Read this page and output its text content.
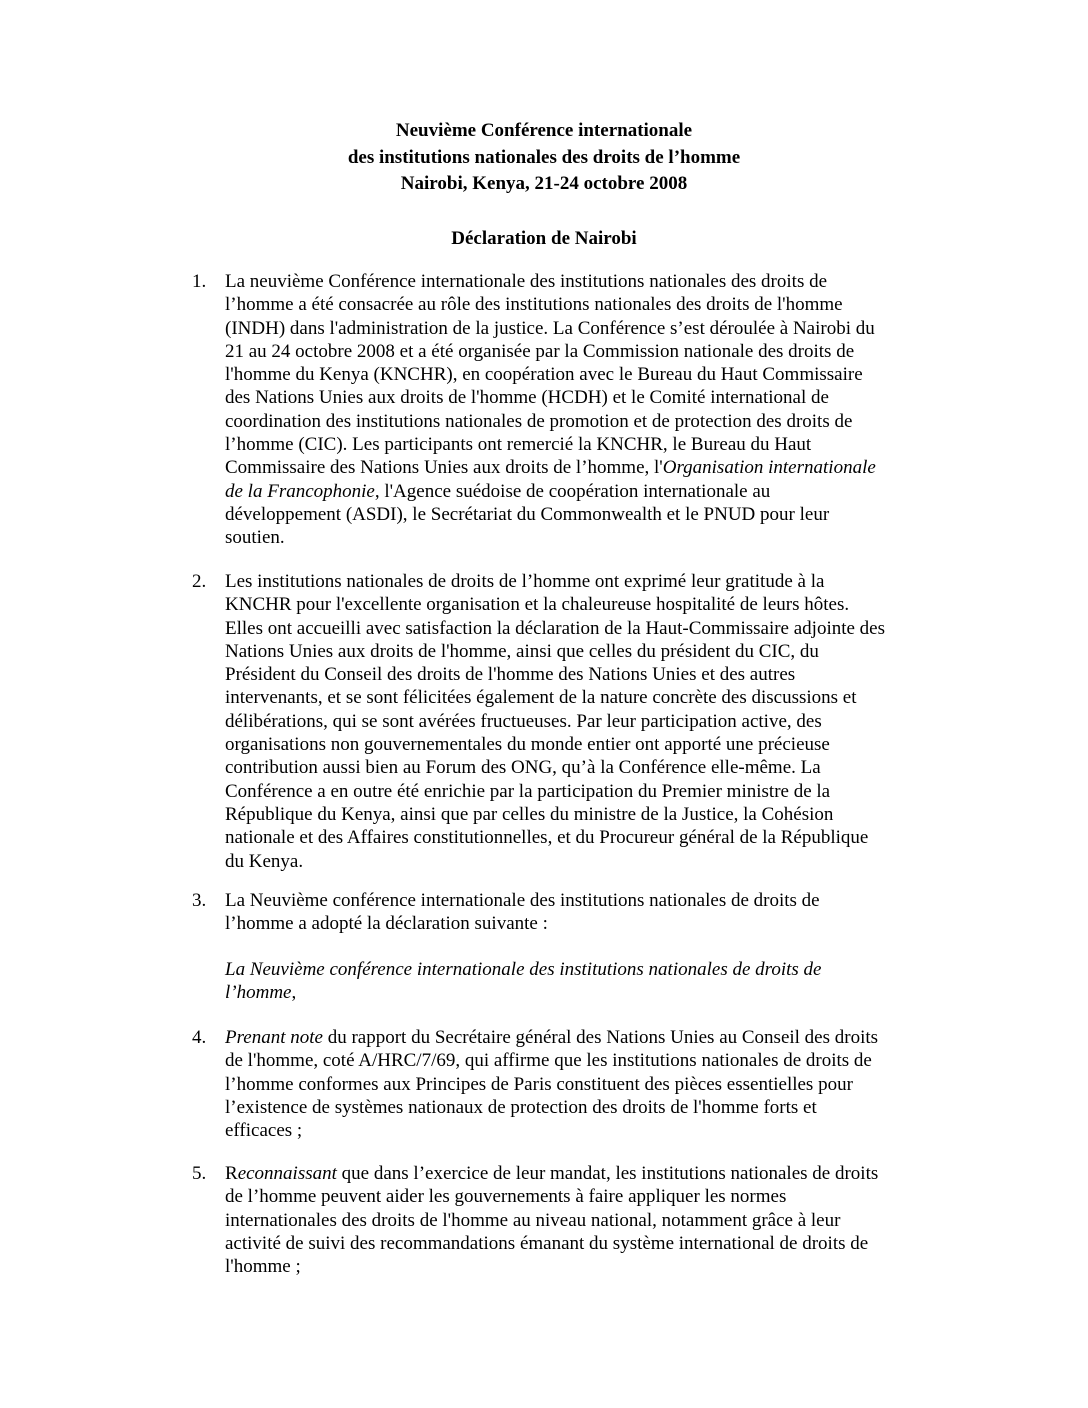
Neuvième Conférence internationale
des institutions nationales des droits de l’homme
Nairobi, Kenya, 21-24 octobre 2008
Déclaration de Nairobi
1. La neuvième Conférence internationale des institutions nationales des droits de
l’homme a été consacrée au rôle des institutions nationales des droits de l'homme
(INDH) dans l'administration de la justice. La Conférence s’est déroulée à Nairobi du
21 au 24 octobre 2008 et a été organisée par la Commission nationale des droits de
l'homme du Kenya (KNCHR), en coopération avec le Bureau du Haut Commissaire
des Nations Unies aux droits de l'homme (HCDH) et le Comité international de
coordination des institutions nationales de promotion et de protection des droits de
l’homme (CIC). Les participants ont remercié la KNCHR, le Bureau du Haut
Commissaire des Nations Unies aux droits de l’homme, l'Organisation internationale
de la Francophonie, l'Agence suédoise de coopération internationale au
développement (ASDI), le Secrétariat du Commonwealth et le PNUD pour leur
soutien.
2. Les institutions nationales de droits de l’homme ont exprimé leur gratitude à la
KNCHR pour l'excellente organisation et la chaleureuse hospitalité de leurs hôtes.
Elles ont accueilli avec satisfaction la déclaration de la Haut-Commissaire adjointe des
Nations Unies aux droits de l'homme, ainsi que celles du président du CIC, du
Président du Conseil des droits de l'homme des Nations Unies et des autres
intervenants, et se sont félicitées également de la nature concrète des discussions et
délibérations, qui se sont avérées fructueuses. Par leur participation active, des
organisations non gouvernementales du monde entier ont apporté une précieuse
contribution aussi bien au Forum des ONG, qu’à la Conférence elle-même. La
Conférence a en outre été enrichie par la participation du Premier ministre de la
République du Kenya, ainsi que par celles du ministre de la Justice, la Cohésion
nationale et des Affaires constitutionnelles, et du Procureur général de la République
du Kenya.
3. La Neuvième conférence internationale des institutions nationales de droits de
l’homme a adopté la déclaration suivante :
La Neuvième conférence internationale des institutions nationales de droits de
l’homme,
4. Prenant note du rapport du Secrétaire général des Nations Unies au Conseil des droits
de l'homme, coté A/HRC/7/69, qui affirme que les institutions nationales de droits de
l’homme conformes aux Principes de Paris constituent des pièces essentielles pour
l’existence de systèmes nationaux de protection des droits de l'homme forts et
efficaces ;
5. Reconnaissant que dans l’exercice de leur mandat, les institutions nationales de droits
de l’homme peuvent aider les gouvernements à faire appliquer les normes
internationales des droits de l'homme au niveau national, notamment grâce à leur
activité de suivi des recommandations émanant du système international de droits de
l'homme ;
